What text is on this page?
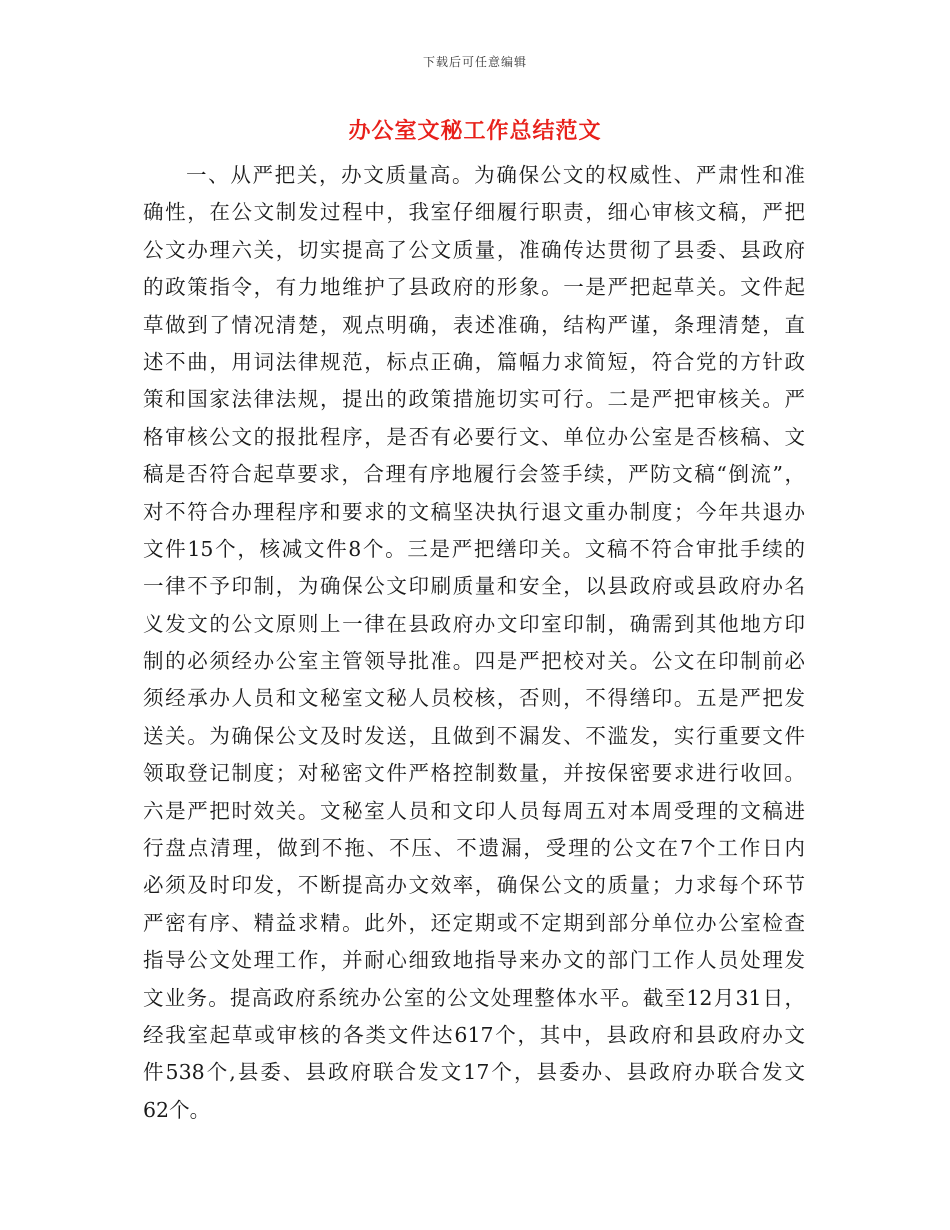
下载后可任意编辑
办公室文秘工作总结范文
一、从严把关，办文质量高。为确保公文的权威性、严肃性和准
确性，在公文制发过程中，我室仔细履行职责，细心审核文稿，严把
公文办理六关，切实提高了公文质量，准确传达贯彻了县委、县政府
的政策指令，有力地维护了县政府的形象。一是严把起草关。文件起
草做到了情况清楚，观点明确，表述准确，结构严谨，条理清楚，直
述不曲，用词法律规范，标点正确，篇幅力求简短，符合党的方针政
策和国家法律法规，提出的政策措施切实可行。二是严把审核关。严
格审核公文的报批程序，是否有必要行文、单位办公室是否核稿、文
稿是否符合起草要求，合理有序地履行会签手续，严防文稿“倒流”，
对不符合办理程序和要求的文稿坚决执行退文重办制度；今年共退办
文件15个，核减文件8个。三是严把缮印关。文稿不符合审批手续的
一律不予印制，为确保公文印刷质量和安全，以县政府或县政府办名
义发文的公文原则上一律在县政府办文印室印制，确需到其他地方印
制的必须经办公室主管领导批准。四是严把校对关。公文在印制前必
须经承办人员和文秘室文秘人员校核，否则，不得缮印。五是严把发
送关。为确保公文及时发送，且做到不漏发、不滥发，实行重要文件
领取登记制度；对秘密文件严格控制数量，并按保密要求进行收回。
六是严把时效关。文秘室人员和文印人员每周五对本周受理的文稿进
行盘点清理，做到不拖、不压、不遗漏，受理的公文在7个工作日内
必须及时印发，不断提高办文效率，确保公文的质量；力求每个环节
严密有序、精益求精。此外，还定期或不定期到部分单位办公室检查
指导公文处理工作，并耐心细致地指导来办文的部门工作人员处理发
文业务。提高政府系统办公室的公文处理整体水平。截至12月31日，
经我室起草或审核的各类文件达617个，其中，县政府和县政府办文
件538个,县委、县政府联合发文17个，县委办、县政府办联合发文
62个。
